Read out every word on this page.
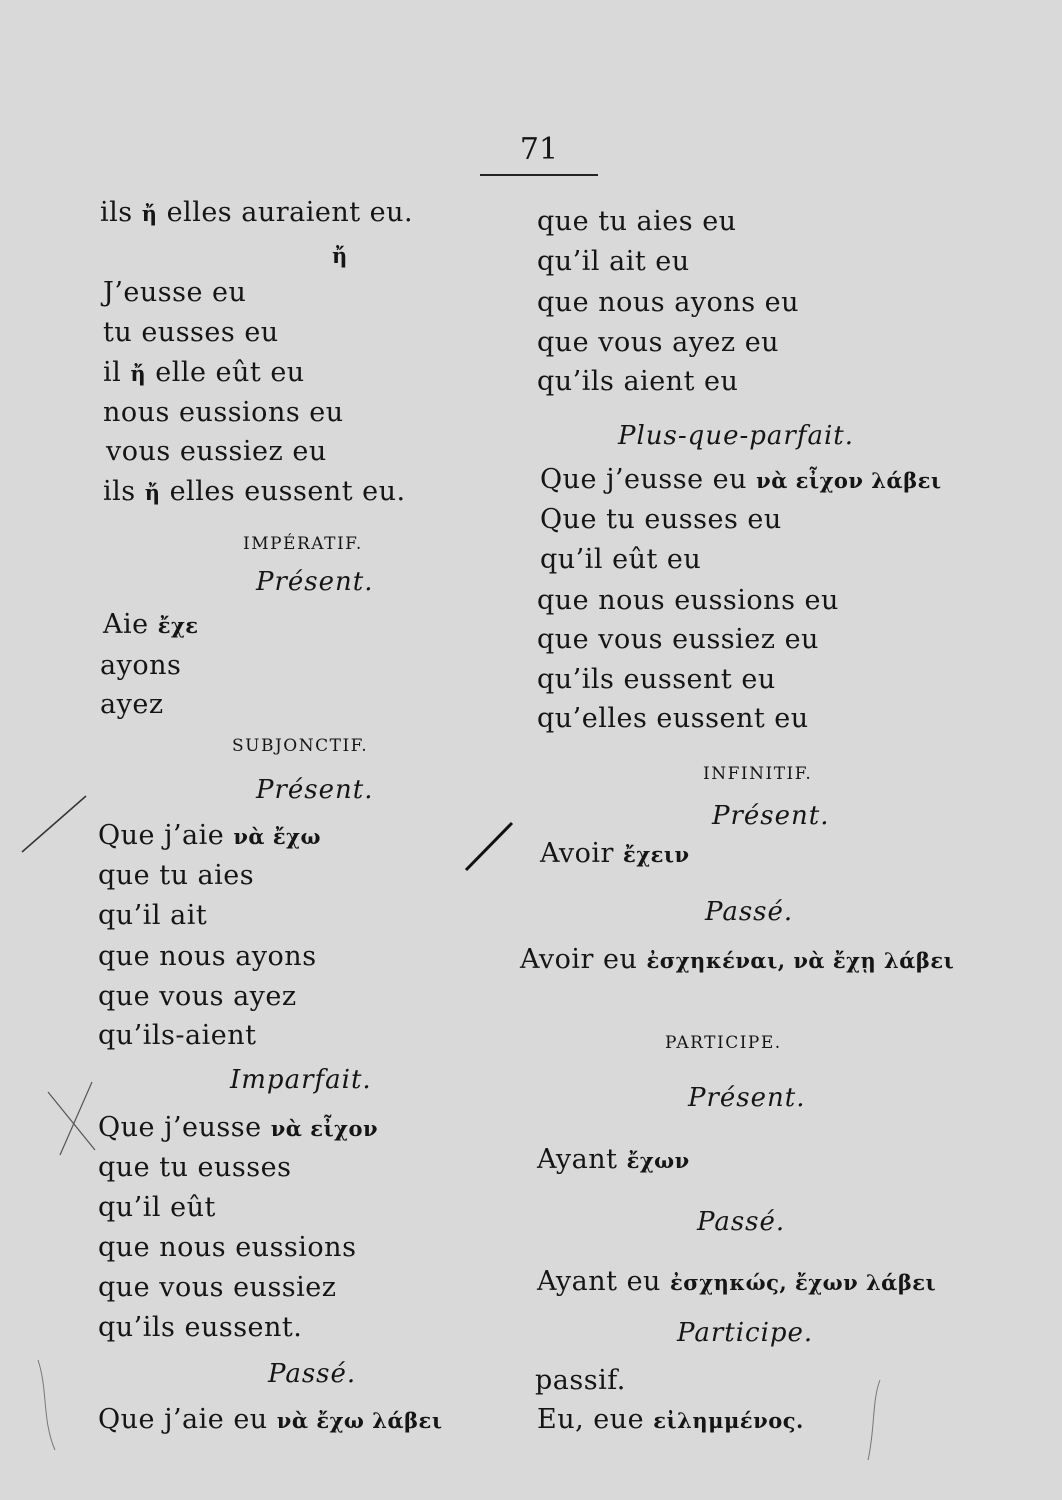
71
ils ἤ elles auraient eu.
ἤ
J’eusse eu
tu eusses eu
il ἤ elle eût eu
nous eussions eu
vous eussiez eu
ils ἤ elles eussent eu.
IMPÉRATIF.
Présent.
Aie ἔχε
ayons
ayez
SUBJONCTIF.
Présent.
Que j’aie νὰ ἔχω
que tu aies
qu’il ait
que nous ayons
que vous ayez
qu’ils-aient
Imparfait.
Que j’eusse νὰ εἶχον
que tu eusses
qu’il eût
que nous eussions
que vous eussiez
qu’ils eussent.
Passé.
Que j’aie eu νὰ ἔχω λάβει
que tu aies eu
qu’il ait eu
que nous ayons eu
que vous ayez eu
qu’ils aient eu
Plus-que-parfait.
Que j’eusse eu νὰ εἶχον λάβει
Que tu eusses eu
qu’il eût eu
que nous eussions eu
que vous eussiez eu
qu’ils eussent eu
qu’elles eussent eu
INFINITIF.
Présent.
Avoir ἔχειν
Passé.
Avoir eu ἐσχηκέναι, νὰ ἔχῃ λάβει
PARTICIPE.
Présent.
Ayant ἔχων
Passé.
Ayant eu ἐσχηκώς, ἔχων λάβει
Participe.
passif.
Eu, eue εἰλημμένος.
